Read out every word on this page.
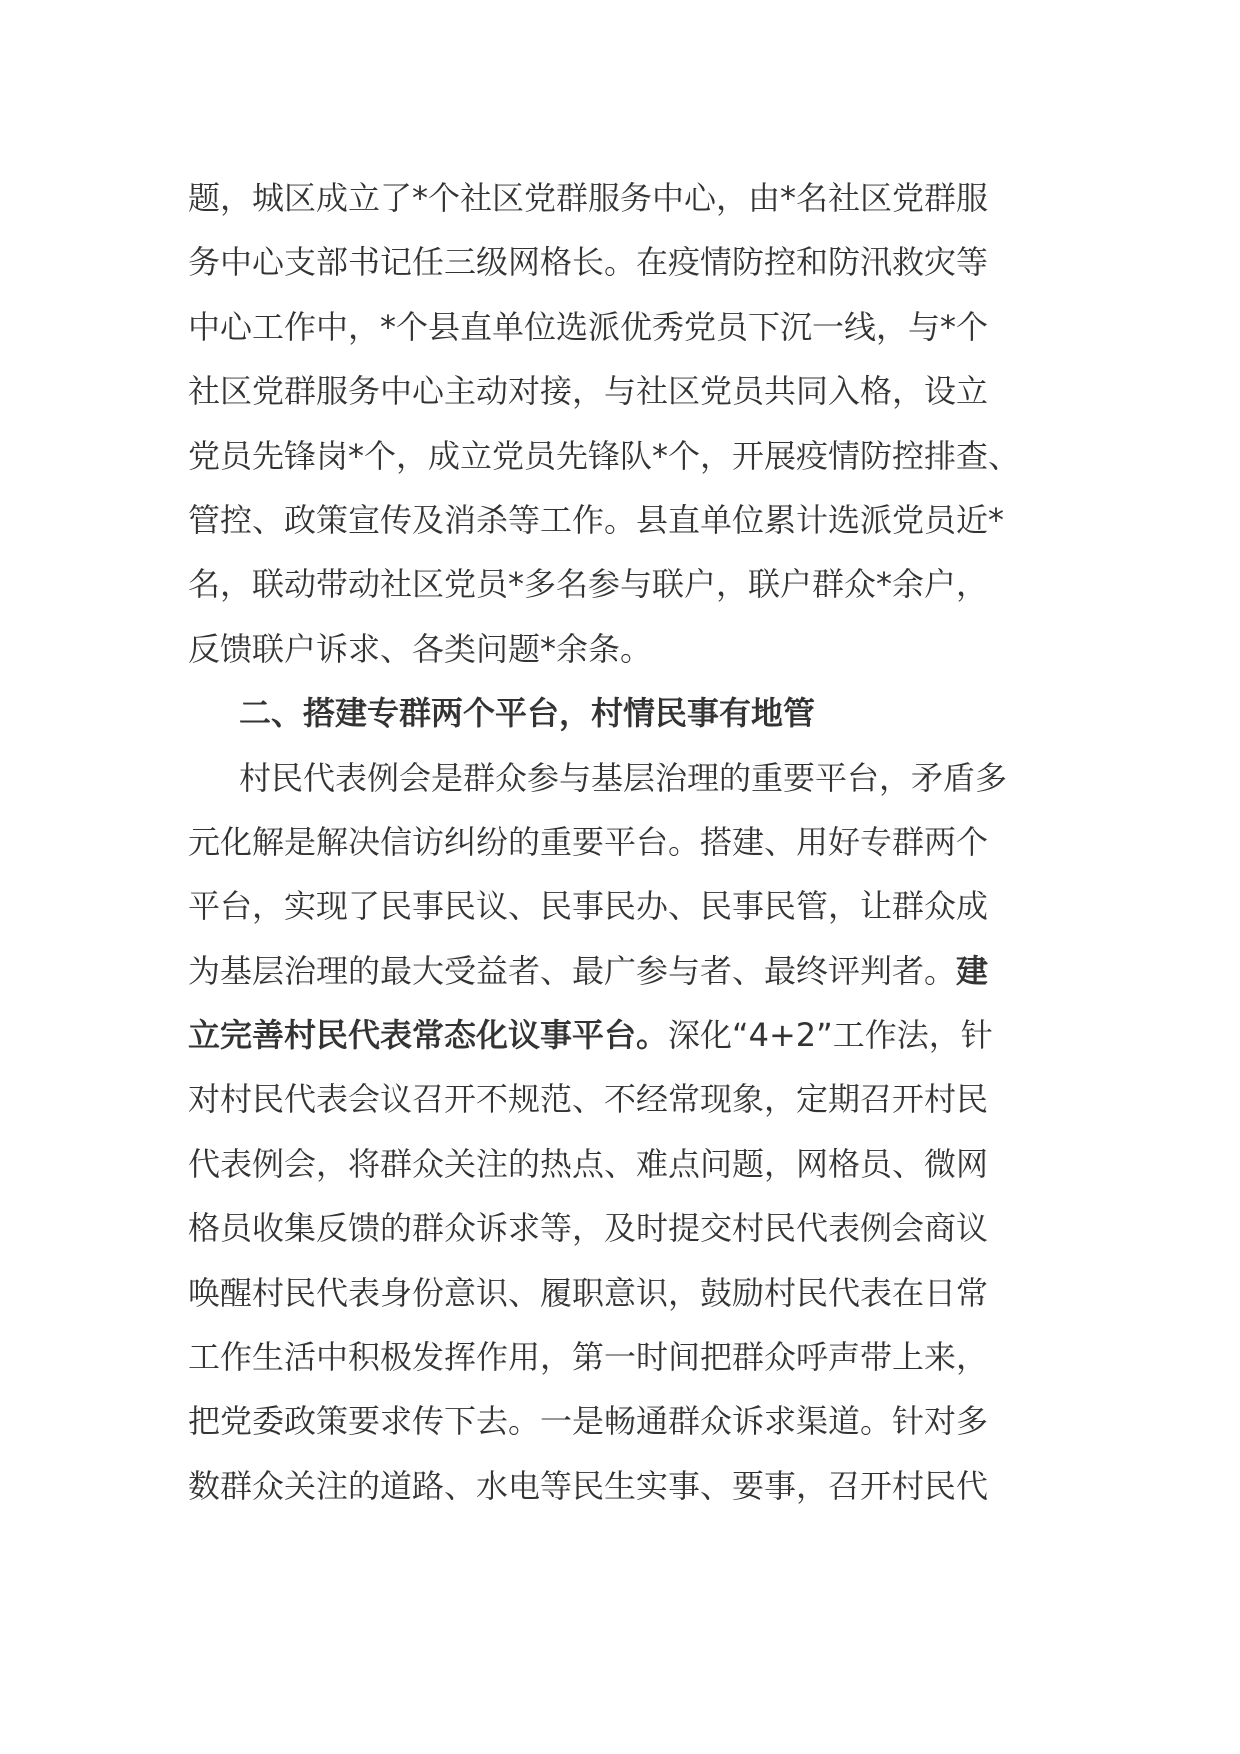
题，城区成立了*个社区党群服务中心，由*名社区党群服
务中心支部书记任三级网格长。在疫情防控和防汛救灾等
中心工作中，*个县直单位选派优秀党员下沉一线，与*个
社区党群服务中心主动对接，与社区党员共同入格，设立
党员先锋岗*个，成立党员先锋队*个，开展疫情防控排查、
管控、政策宣传及消杀等工作。县直单位累计选派党员近*
名，联动带动社区党员*多名参与联户，联户群众*余户，
反馈联户诉求、各类问题*余条。
二、搭建专群两个平台，村情民事有地管
村民代表例会是群众参与基层治理的重要平台，矛盾多
元化解是解决信访纠纷的重要平台。搭建、用好专群两个
平台，实现了民事民议、民事民办、民事民管，让群众成
为基层治理的最大受益者、最广参与者、最终评判者。建
立完善村民代表常态化议事平台。深化“4+2”工作法，针
对村民代表会议召开不规范、不经常现象，定期召开村民
代表例会，将群众关注的热点、难点问题，网格员、微网
格员收集反馈的群众诉求等，及时提交村民代表例会商议
唤醒村民代表身份意识、履职意识，鼓励村民代表在日常
工作生活中积极发挥作用，第一时间把群众呼声带上来，
把党委政策要求传下去。一是畅通群众诉求渠道。针对多
数群众关注的道路、水电等民生实事、要事，召开村民代
